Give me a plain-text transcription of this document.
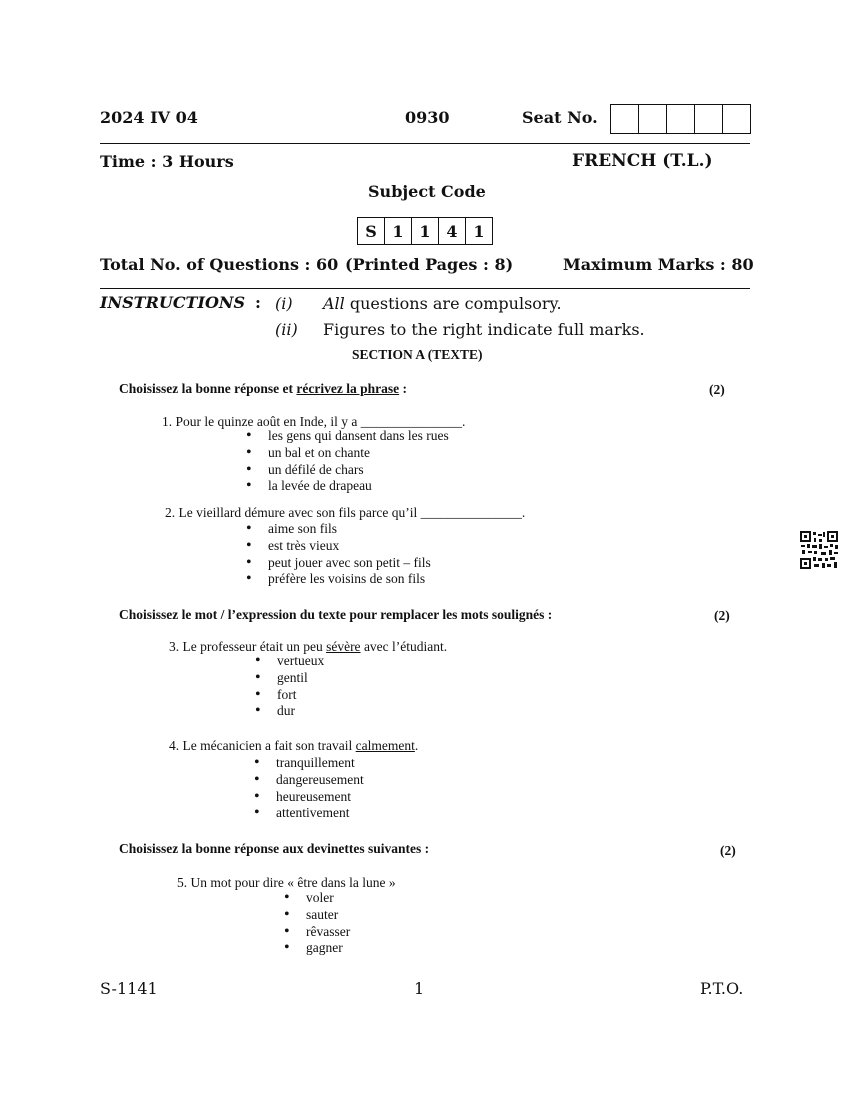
2024 IV 04	0930	Seat No.
Time : 3 Hours	FRENCH (T.L.)
Subject Code
S 1 1 4 1
Total No. of Questions : 60 (Printed Pages : 8)	Maximum Marks : 80
INSTRUCTIONS : (i) All questions are compulsory.
(ii) Figures to the right indicate full marks.
SECTION A (TEXTE)
Choisissez la bonne réponse et récrivez la phrase :	(2)
1. Pour le quinze août en Inde, il y a _______________.
• les gens qui dansent dans les rues
• un bal et on chante
• un défilé de chars
• la levée de drapeau
2. Le vieillard démure avec son fils parce qu’il _______________.
• aime son fils
• est très vieux
• peut jouer avec son petit – fils
• préfère les voisins de son fils
Choisissez le mot / l’expression du texte pour remplacer les mots soulignés :	(2)
3. Le professeur était un peu sévère avec l’étudiant.
• vertueux
• gentil
• fort
• dur
4. Le mécanicien a fait son travail calmement.
• tranquillement
• dangereusement
• heureusement
• attentivement
Choisissez la bonne réponse aux devinettes suivantes :	(2)
5. Un mot pour dire « être dans la lune »
• voler
• sauter
• rêvasser
• gagner
S-1141	1	P.T.O.
